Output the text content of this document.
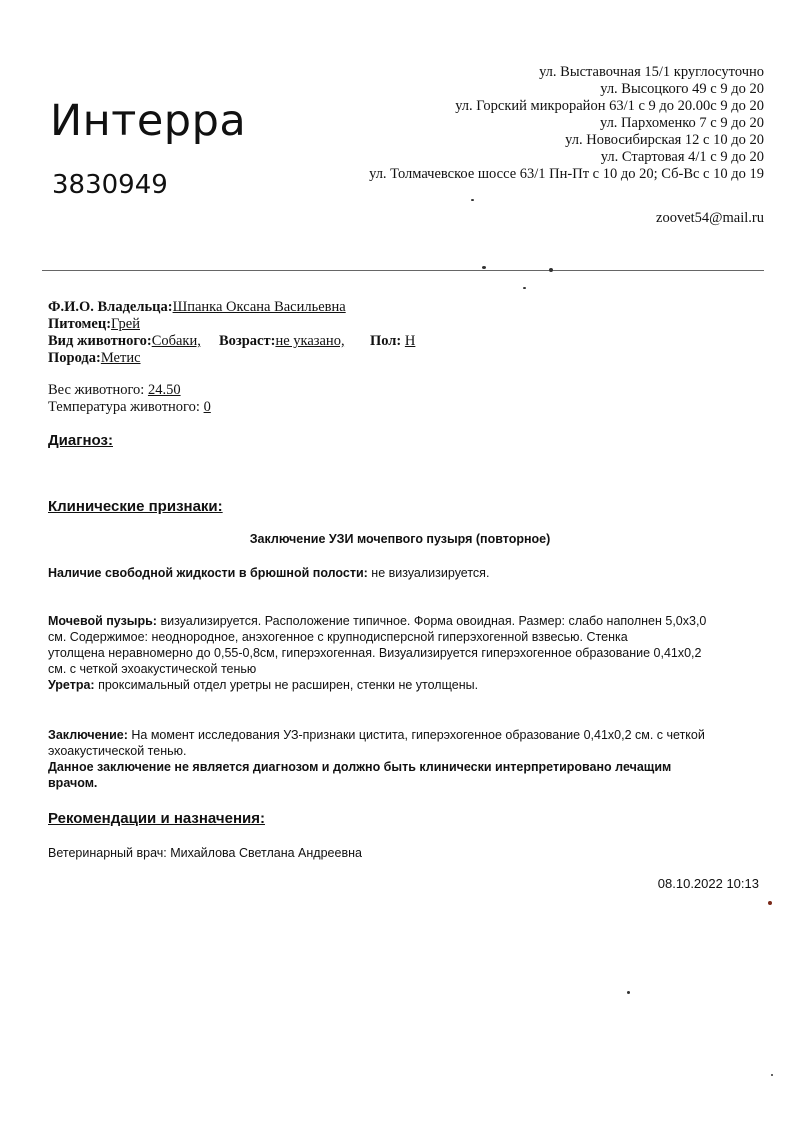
Интерра
3830949
ул. Выставочная 15/1 круглосуточно
ул. Высоцкого 49 с 9 до 20
ул. Горский микрорайон 63/1 с 9 до 20.00с 9 до 20
ул. Пархоменко 7 с 9 до 20
ул. Новосибирская 12 с 10 до 20
ул. Стартовая 4/1 с 9 до 20
ул. Толмачевское шоссе 63/1 Пн-Пт с 10 до 20; Сб-Вс с 10 до 19
zoovet54@mail.ru
Ф.И.О. Владельца:Шпанка Оксана Васильевна
Питомец:Грей
Вид животного:Собаки, Возраст:не указано, Пол: Н
Порода:Метис
Вес животного: 24.50
Температура животного: 0
Диагноз:
Клинические признаки:
Заключение УЗИ мочепвого пузыря (повторное)
Наличие свободной жидкости в брюшной полости: не визуализируется.
Мочевой пузырь: визуализируется. Расположение типичное. Форма овоидная. Размер: слабо наполнен 5,0х3,0
см. Содержимое: неоднородное, анэхогенное с крупнодисперсной гиперэхогенной взвесью. Стенка
утолщена неравномерно до 0,55-0,8см, гиперэхогенная. Визуализируется гиперэхогенное образование 0,41х0,2
см. с четкой эхоакустической тенью
Уретра: проксимальный отдел уретры не расширен, стенки не утолщены.
Заключение: На момент исследования УЗ-признаки цистита, гиперэхогенное образование 0,41х0,2 см. с четкой
эхоакустической тенью.
Данное заключение не является диагнозом и должно быть клинически интерпретировано лечащим
врачом.
Рекомендации и назначения:
Ветеринарный врач: Михайлова Светлана Андреевна
08.10.2022 10:13
